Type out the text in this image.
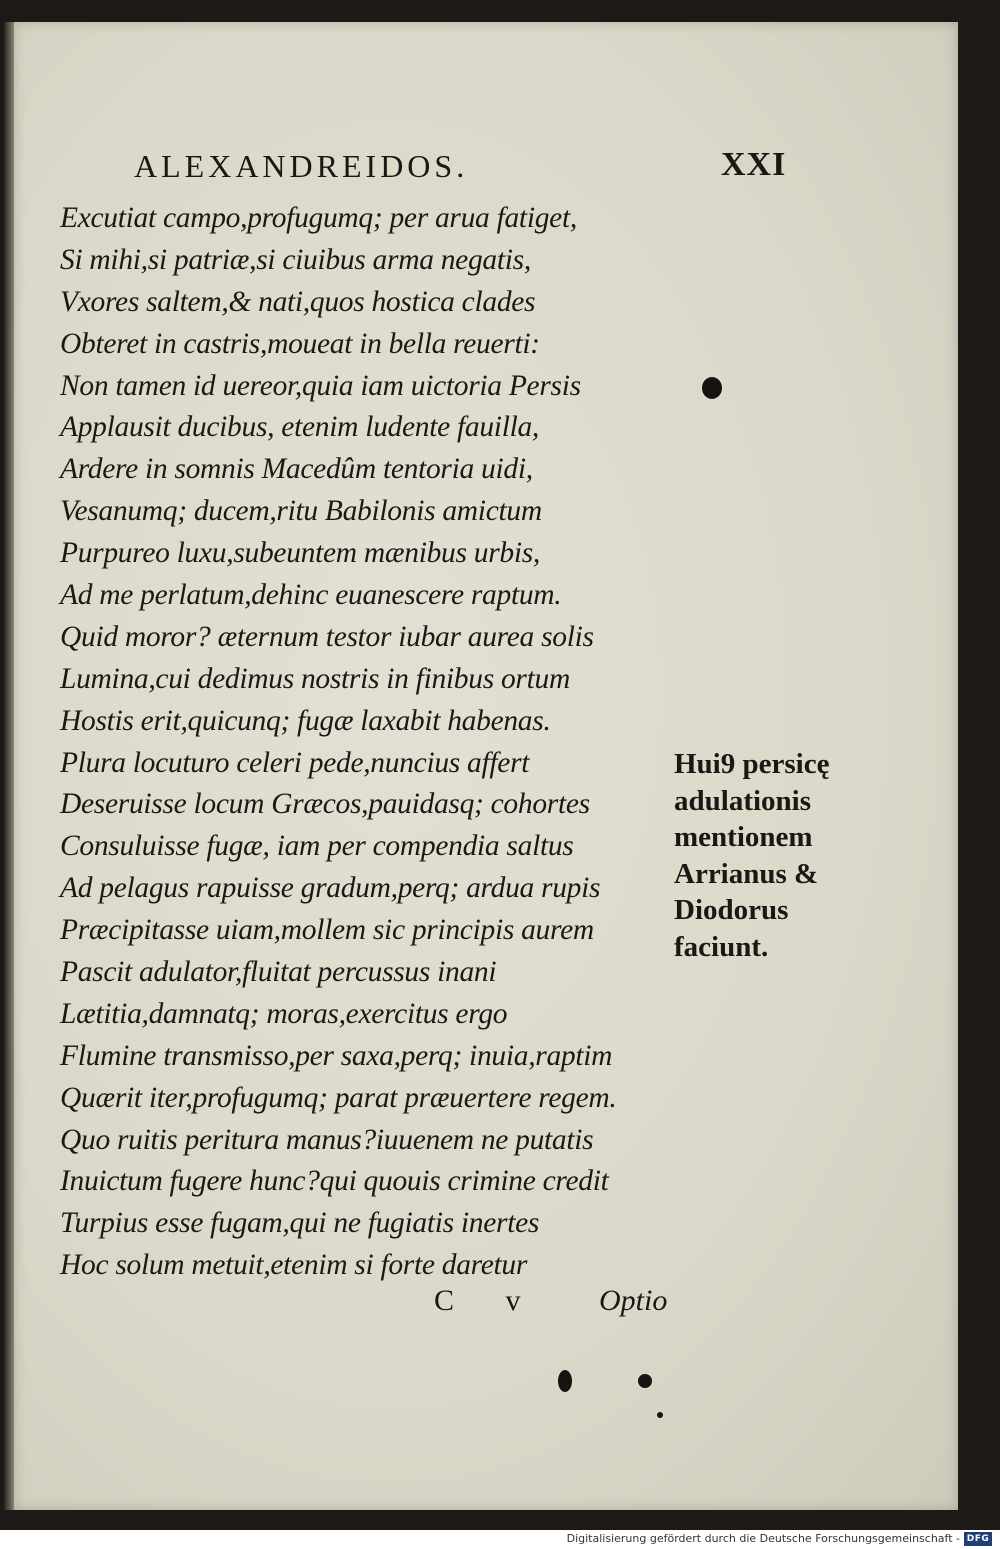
ALEXANDREIDOS.	XXI
Excutiat campo,profugumq; per arua fatiget,
Si mihi,si patriæ,si ciuibus arma negatis,
Vxores saltem,& nati,quos hostica clades
Obteret in castris,moueat in bella reuerti:
Non tamen id uereor,quia iam uictoria Persis
Applausit ducibus, etenim ludente fauilla,
Ardere in somnis Macedûm tentoria uidi,
Vesanumq; ducem,ritu Babilonis amictum
Purpureo luxu,subeuntem mænibus urbis,
Ad me perlatum,dehinc euanescere raptum.
Quid moror? æternum testor iubar aurea solis
Lumina,cui dedimus nostris in finibus ortum
Hostis erit,quicunq; fugæ laxabit habenas.
Plura locuturo celeri pede,nuncius affert
Deseruisse locum Græcos,pauidasq; cohortes
Consuluisse fugæ, iam per compendia saltus
Ad pelagus rapuisse gradum,perq; ardua rupis
Præcipitasse uiam,mollem sic principis aurem
Pascit adulator,fluitat percussus inani
Lætitia,damnatq; moras,exercitus ergo
Flumine transmisso,per saxa,perq; inuia,raptim
Quærit iter,profugumq; parat præuertere regem.
Quo ruitis peritura manus?iuuenem ne putatis
Inuictum fugere hunc?qui quouis crimine credit
Turpius esse fugam,qui ne fugiatis inertes
Hoc solum metuit,etenim si forte daretur
Hui9 persicę
adulationis
mentionem
Arrianus &
Diodorus
faciunt.
C v Optio
Digitalisierung gefördert durch die Deutsche Forschungsgemeinschaft - DFG
